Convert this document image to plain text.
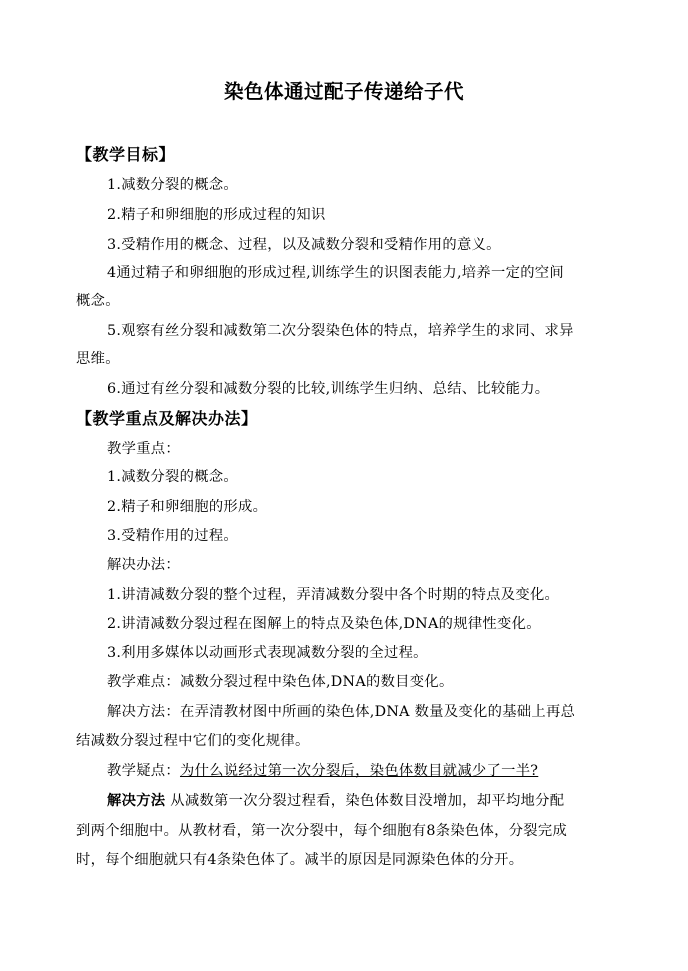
染色体通过配子传递给子代
【教学目标】
1.减数分裂的概念。
2.精子和卵细胞的形成过程的知识
3.受精作用的概念、过程，以及减数分裂和受精作用的意义。
4通过精子和卵细胞的形成过程,训练学生的识图表能力,培养一定的空间
概念。
5.观察有丝分裂和减数第二次分裂染色体的特点，培养学生的求同、求异
思维。
6.通过有丝分裂和减数分裂的比较,训练学生归纳、总结、比较能力。
【教学重点及解决办法】
教学重点：
1.减数分裂的概念。
2.精子和卵细胞的形成。
3.受精作用的过程。
解决办法：
1.讲清减数分裂的整个过程，弄清减数分裂中各个时期的特点及变化。
2.讲清减数分裂过程在图解上的特点及染色体,DNA的规律性变化。
3.利用多媒体以动画形式表现减数分裂的全过程。
教学难点：减数分裂过程中染色体,DNA的数目变化。
解决方法：在弄清教材图中所画的染色体,DNA 数量及变化的基础上再总
结减数分裂过程中它们的变化规律。
教学疑点：为什么说经过第一次分裂后，染色体数目就减少了一半?
解决方法 从减数第一次分裂过程看，染色体数目没增加，却平均地分配
到两个细胞中。从教材看，第一次分裂中，每个细胞有8条染色体，分裂完成
时，每个细胞就只有4条染色体了。减半的原因是同源染色体的分开。
